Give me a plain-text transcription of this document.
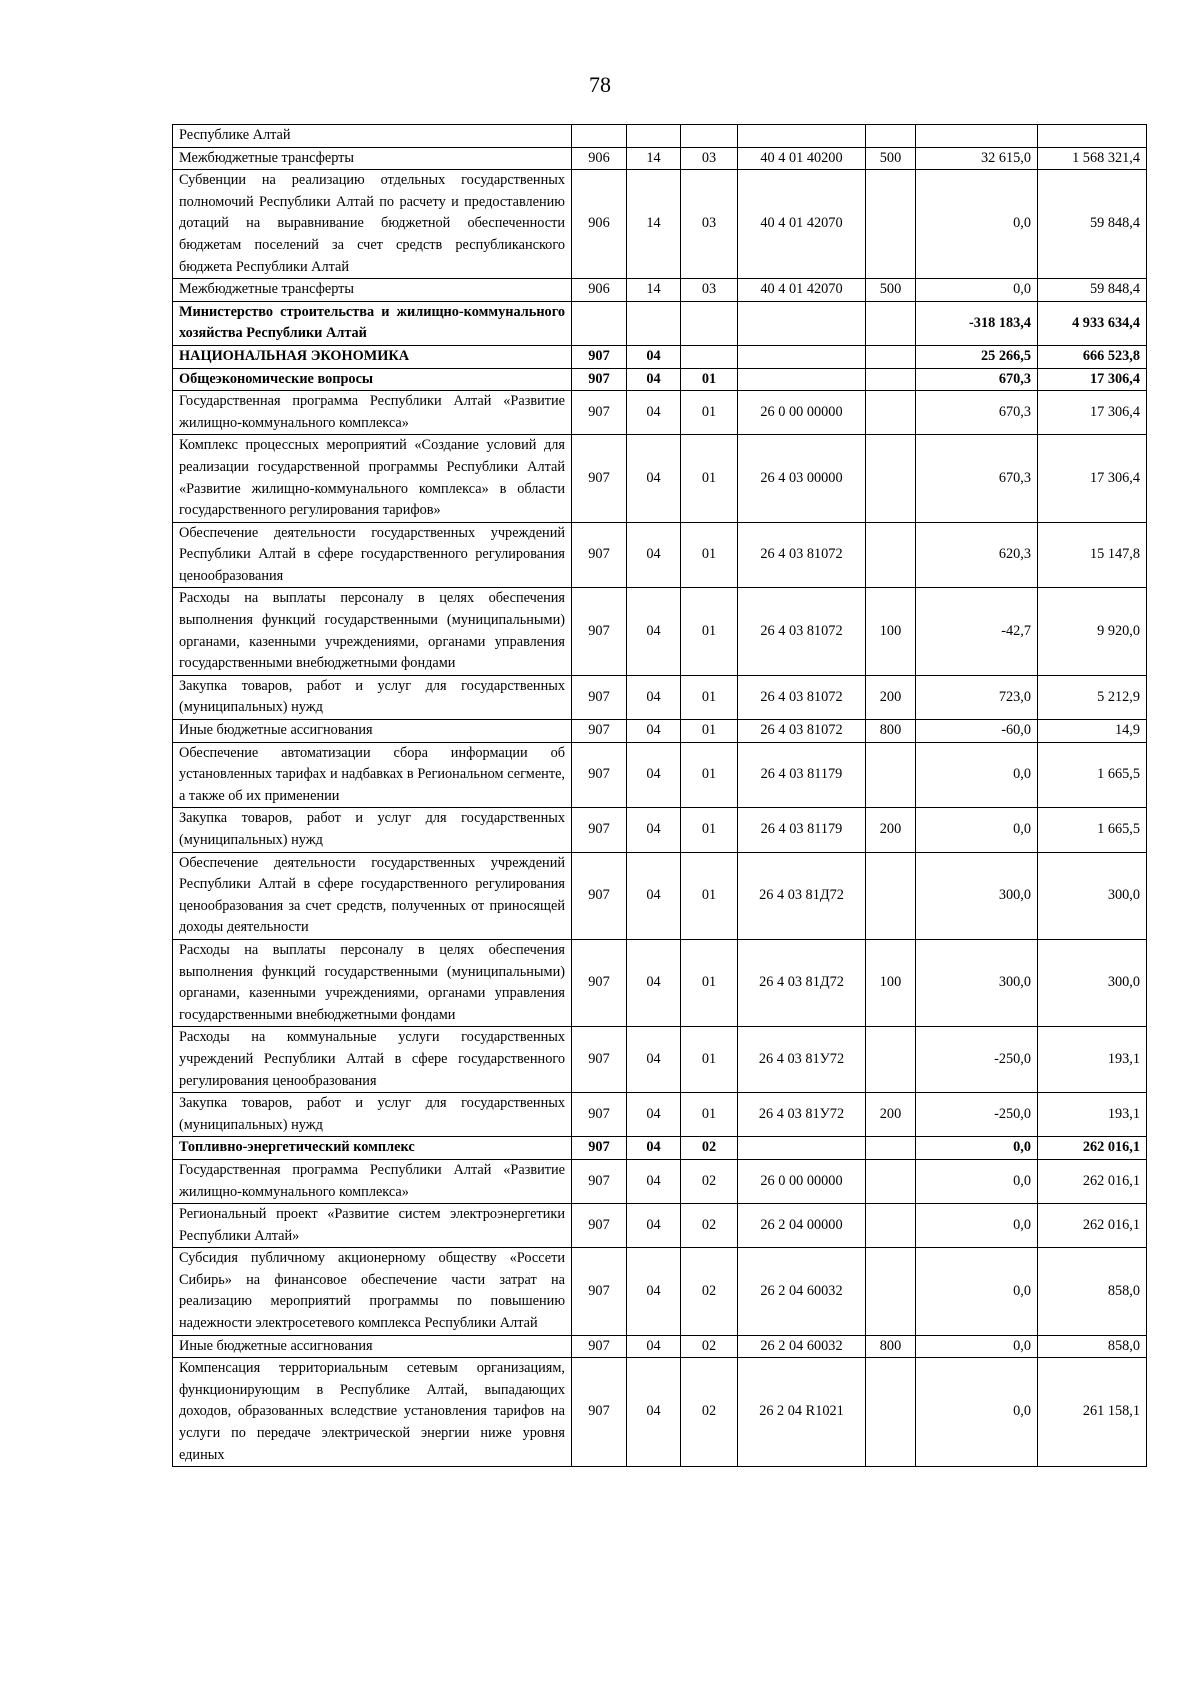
78
Республике Алтай							
Межбюджетные трансферты	906	14	03	40 4 01 40200	500	32 615,0	1 568 321,4
Субвенции на реализацию отдельных государственных полномочий Республики Алтай по расчету и предоставлению дотаций на выравнивание бюджетной обеспеченности бюджетам поселений за счет средств республиканского бюджета Республики Алтай	906	14	03	40 4 01 42070		0,0	59 848,4
Межбюджетные трансферты	906	14	03	40 4 01 42070	500	0,0	59 848,4
Министерство строительства и жилищно-коммунального хозяйства Республики Алтай						-318 183,4	4 933 634,4
НАЦИОНАЛЬНАЯ ЭКОНОМИКА	907	04				25 266,5	666 523,8
Общеэкономические вопросы	907	04	01			670,3	17 306,4
Государственная программа Республики Алтай «Развитие жилищно-коммунального комплекса»	907	04	01	26 0 00 00000		670,3	17 306,4
Комплекс процессных мероприятий «Создание условий для реализации государственной программы Республики Алтай «Развитие жилищно-коммунального комплекса» в области государственного регулирования тарифов»	907	04	01	26 4 03 00000		670,3	17 306,4
Обеспечение деятельности государственных учреждений Республики Алтай в сфере государственного регулирования ценообразования	907	04	01	26 4 03 81072		620,3	15 147,8
Расходы на выплаты персоналу в целях обеспечения выполнения функций государственными (муниципальными) органами, казенными учреждениями, органами управления государственными внебюджетными фондами	907	04	01	26 4 03 81072	100	-42,7	9 920,0
Закупка товаров, работ и услуг для государственных (муниципальных) нужд	907	04	01	26 4 03 81072	200	723,0	5 212,9
Иные бюджетные ассигнования	907	04	01	26 4 03 81072	800	-60,0	14,9
Обеспечение автоматизации сбора информации об установленных тарифах и надбавках в Региональном сегменте, а также об их применении	907	04	01	26 4 03 81179		0,0	1 665,5
Закупка товаров, работ и услуг для государственных (муниципальных) нужд	907	04	01	26 4 03 81179	200	0,0	1 665,5
Обеспечение деятельности государственных учреждений Республики Алтай в сфере государственного регулирования ценообразования за счет средств, полученных от приносящей доходы деятельности	907	04	01	26 4 03 81Д72		300,0	300,0
Расходы на выплаты персоналу в целях обеспечения выполнения функций государственными (муниципальными) органами, казенными учреждениями, органами управления государственными внебюджетными фондами	907	04	01	26 4 03 81Д72	100	300,0	300,0
Расходы на коммунальные услуги государственных учреждений Республики Алтай в сфере государственного регулирования ценообразования	907	04	01	26 4 03 81У72		-250,0	193,1
Закупка товаров, работ и услуг для государственных (муниципальных) нужд	907	04	01	26 4 03 81У72	200	-250,0	193,1
Топливно-энергетический комплекс	907	04	02			0,0	262 016,1
Государственная программа Республики Алтай «Развитие жилищно-коммунального комплекса»	907	04	02	26 0 00 00000		0,0	262 016,1
Региональный проект «Развитие систем электроэнергетики Республики Алтай»	907	04	02	26 2 04 00000		0,0	262 016,1
Субсидия публичному акционерному обществу «Россети Сибирь» на финансовое обеспечение части затрат на реализацию мероприятий программы по повышению надежности электросетевого комплекса Республики Алтай	907	04	02	26 2 04 60032		0,0	858,0
Иные бюджетные ассигнования	907	04	02	26 2 04 60032	800	0,0	858,0
Компенсация территориальным сетевым организациям, функционирующим в Республике Алтай, выпадающих доходов, образованных вследствие установления тарифов на услуги по передаче электрической энергии ниже уровня единых	907	04	02	26 2 04 R1021		0,0	261 158,1
